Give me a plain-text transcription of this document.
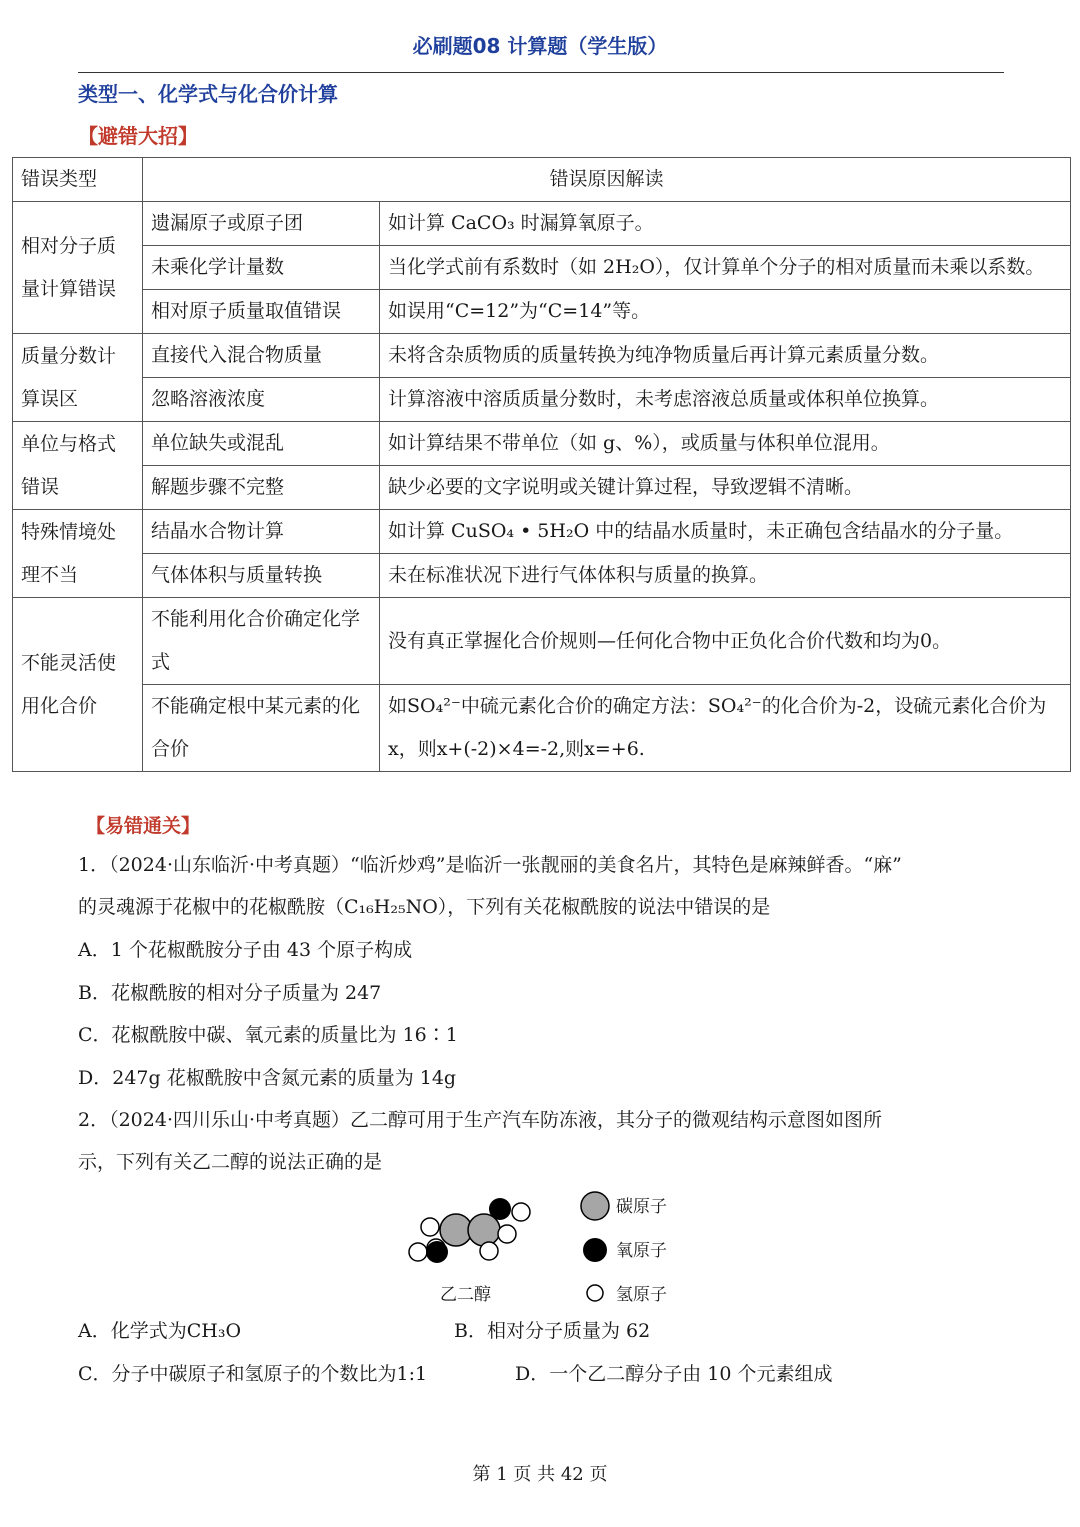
必刷题08 计算题（学生版）
类型一、化学式与化合价计算
【避错大招】
错误类型	错误原因解读	
相对分子质量计算错误	遗漏原子或原子团	如计算 CaCO₃ 时漏算氧原子。
	未乘化学计量数	当化学式前有系数时（如 2H₂O），仅计算单个分子的相对质量而未乘以系数。
	相对原子质量取值错误	如误用“C=12”为“C=14”等。
质量分数计算误区	直接代入混合物质量	未将含杂质物质的质量转换为纯净物质量后再计算元素质量分数。
	忽略溶液浓度	计算溶液中溶质质量分数时，未考虑溶液总质量或体积单位换算。
单位与格式错误	单位缺失或混乱	如计算结果不带单位（如 g、%），或质量与体积单位混用。
	解题步骤不完整	缺少必要的文字说明或关键计算过程，导致逻辑不清晰。
特殊情境处理不当	结晶水合物计算	如计算 CuSO₄ • 5H₂O 中的结晶水质量时，未正确包含结晶水的分子量。
	气体体积与质量转换	未在标准状况下进行气体体积与质量的换算。
不能灵活使用化合价	不能利用化合价确定化学式	没有真正掌握化合价规则—任何化合物中正负化合价代数和均为0。
	不能确定根中某元素的化合价	如SO₄²⁻中硫元素化合价的确定方法：SO₄²⁻的化合价为-2，设硫元素化合价为x，则x+(-2)×4=-2,则x=+6.
【易错通关】
1．（2024·山东临沂·中考真题）“临沂炒鸡”是临沂一张靓丽的美食名片，其特色是麻辣鲜香。“麻”
的灵魂源于花椒中的花椒酰胺（C₁₆H₂₅NO），下列有关花椒酰胺的说法中错误的是
A．1 个花椒酰胺分子由 43 个原子构成
B．花椒酰胺的相对分子质量为 247
C．花椒酰胺中碳、氧元素的质量比为 16∶1
D．247g 花椒酰胺中含氮元素的质量为 14g
2．（2024·四川乐山·中考真题）乙二醇可用于生产汽车防冻液，其分子的微观结构示意图如图所
示，下列有关乙二醇的说法正确的是
乙二醇
碳原子
氧原子
氢原子
A．化学式为CH₃O	B．相对分子质量为 62
C．分子中碳原子和氢原子的个数比为1:1	D．一个乙二醇分子由 10 个元素组成
第 1 页 共 42 页
